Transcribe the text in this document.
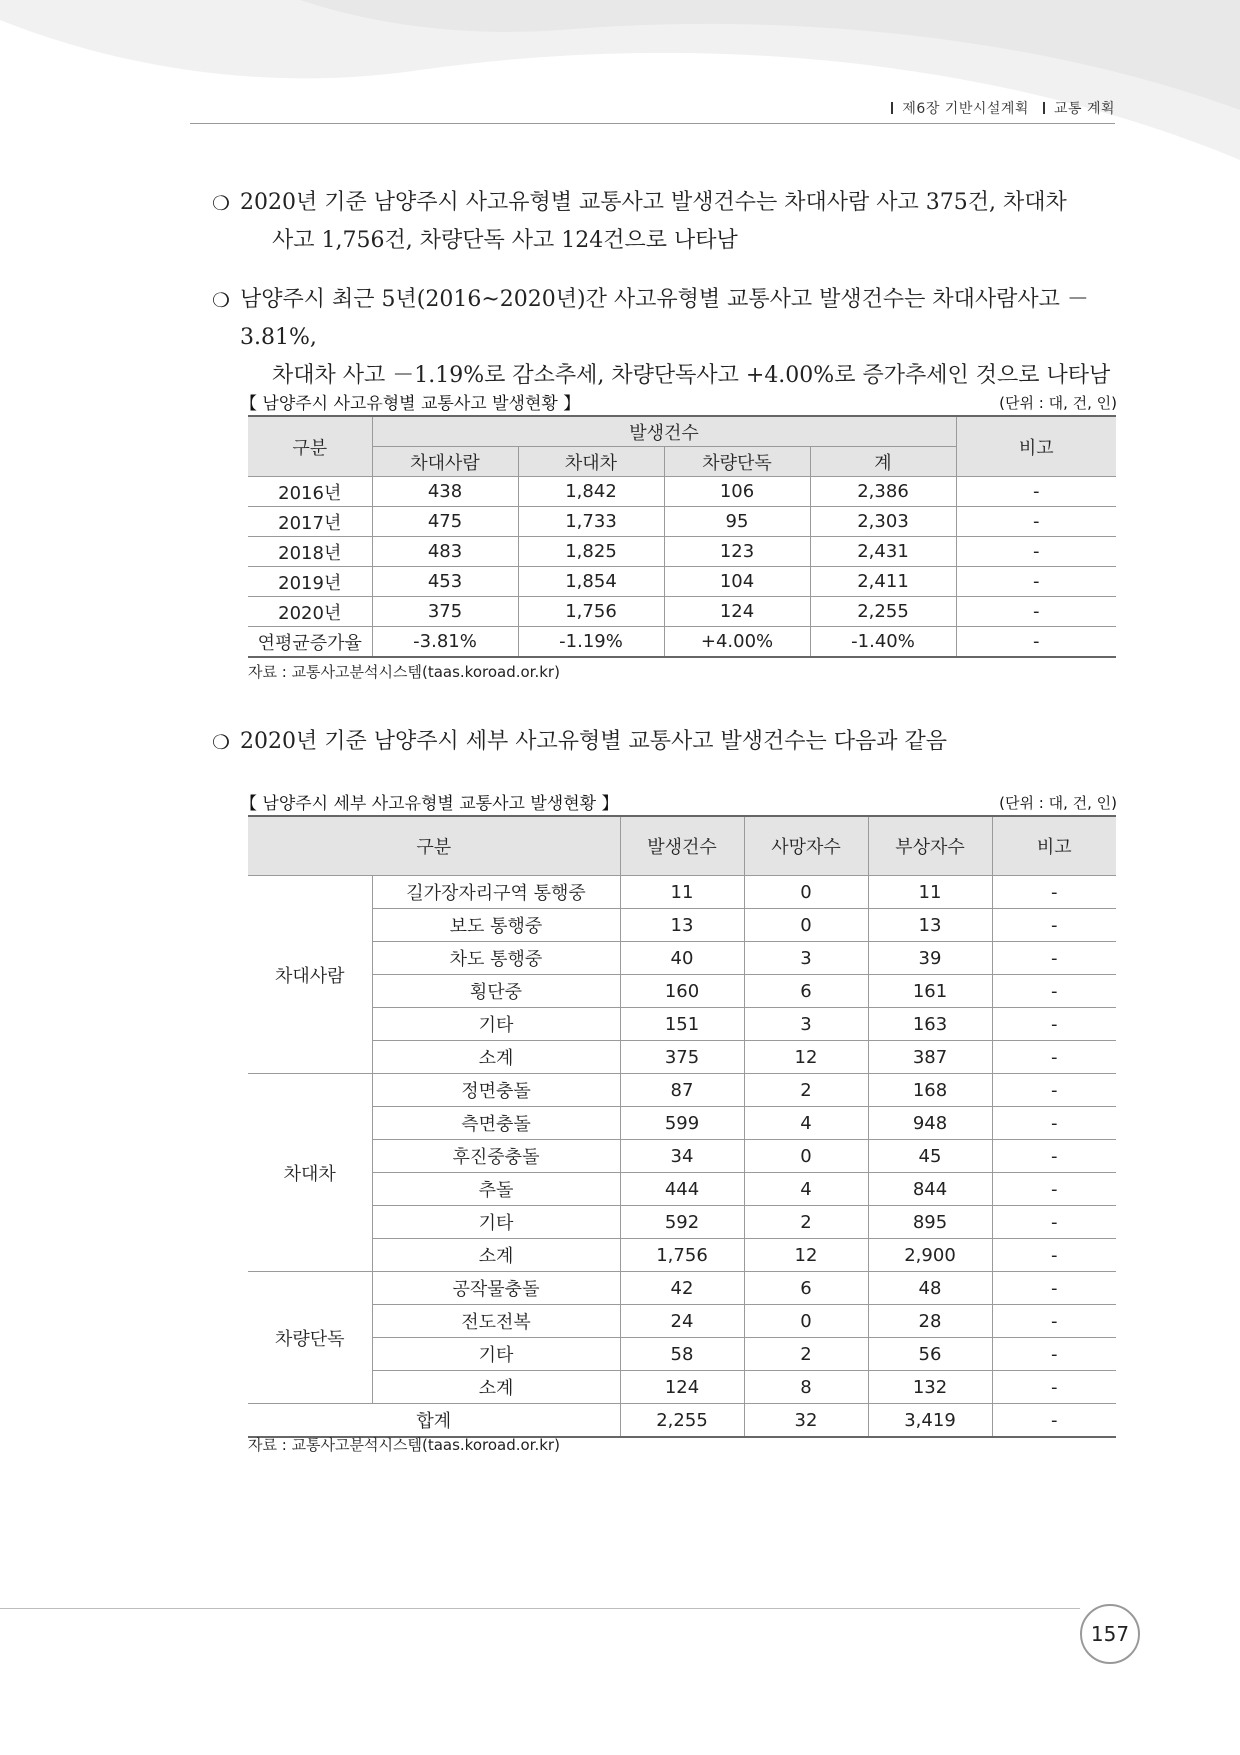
제6장 기반시설계획 교통 계획
❍ 2020년 기준 남양주시 사고유형별 교통사고 발생건수는 차대사람 사고 375건, 차대차
사고 1,756건, 차량단독 사고 124건으로 나타남
❍ 남양주시 최근 5년(2016~2020년)간 사고유형별 교통사고 발생건수는 차대사람사고 －3.81%,
차대차 사고 －1.19%로 감소추세, 차량단독사고 +4.00%로 증가추세인 것으로 나타남
【 남양주시 사고유형별 교통사고 발생현황 】	(단위 : 대, 건, 인)
구분	발생건수				비고
	차대사람	차대차	차량단독	계	
2016년	438	1,842	106	2,386	-
2017년	475	1,733	95	2,303	-
2018년	483	1,825	123	2,431	-
2019년	453	1,854	104	2,411	-
2020년	375	1,756	124	2,255	-
연평균증가율	-3.81%	-1.19%	+4.00%	-1.40%	-
자료 : 교통사고분석시스템(taas.koroad.or.kr)
❍ 2020년 기준 남양주시 세부 사고유형별 교통사고 발생건수는 다음과 같음
【 남양주시 세부 사고유형별 교통사고 발생현황 】	(단위 : 대, 건, 인)
구분		발생건수	사망자수	부상자수	비고
차대사람	길가장자리구역 통행중	11	0	11	-
	보도 통행중	13	0	13	-
	차도 통행중	40	3	39	-
	횡단중	160	6	161	-
	기타	151	3	163	-
	소계	375	12	387	-
차대차	정면충돌	87	2	168	-
	측면충돌	599	4	948	-
	후진중충돌	34	0	45	-
	추돌	444	4	844	-
	기타	592	2	895	-
	소계	1,756	12	2,900	-
차량단독	공작물충돌	42	6	48	-
	전도전복	24	0	28	-
	기타	58	2	56	-
	소계	124	8	132	-
합계		2,255	32	3,419	-
자료 : 교통사고분석시스템(taas.koroad.or.kr)
157
